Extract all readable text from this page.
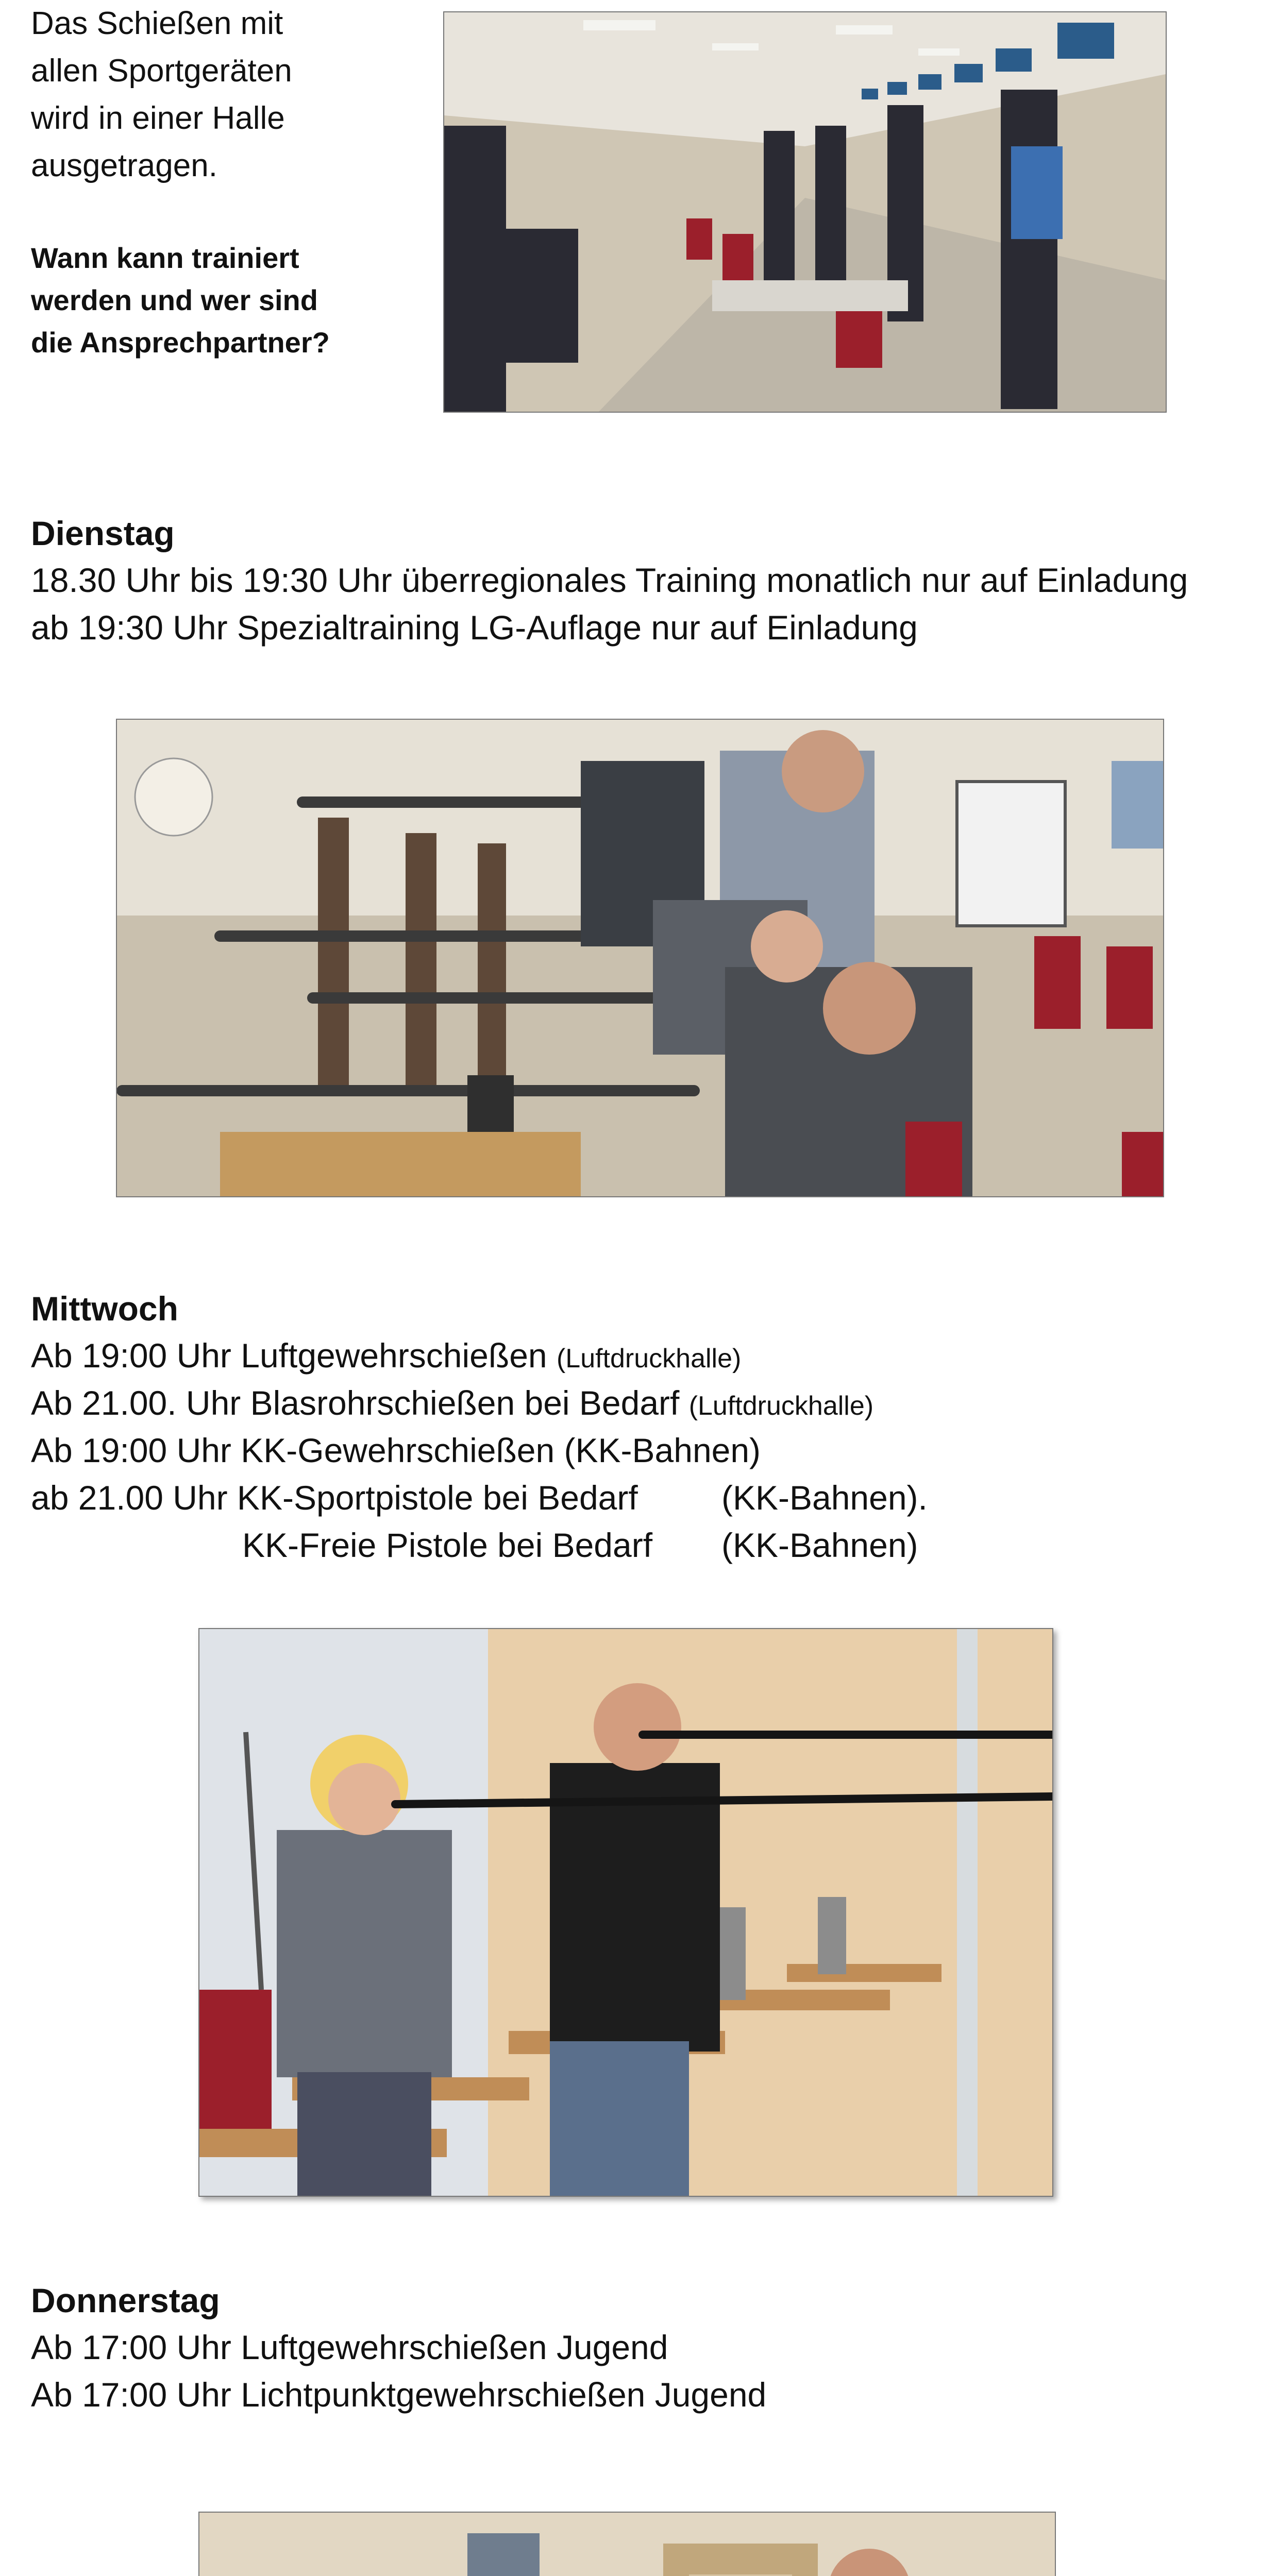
Das Schießen mit
allen Sportgeräten
wird in einer Halle
ausgetragen.
Wann kann trainiert
werden und wer sind
die Ansprechpartner?
Dienstag
18.30 Uhr bis 19:30 Uhr überregionales Training monatlich nur auf Einladung
ab 19:30 Uhr Spezialtraining LG-Auflage nur auf Einladung
Mittwoch
Ab 19:00 Uhr Luftgewehrschießen (Luftdruckhalle)
Ab 21.00. Uhr Blasrohrschießen bei Bedarf (Luftdruckhalle)
Ab 19:00 Uhr KK-Gewehrschießen (KK-Bahnen)
ab 21.00 Uhr KK-Sportpistole bei Bedarf (KK-Bahnen).
KK-Freie Pistole bei Bedarf (KK-Bahnen)
Donnerstag
Ab 17:00 Uhr Luftgewehrschießen Jugend
Ab 17:00 Uhr Lichtpunktgewehrschießen Jugend
